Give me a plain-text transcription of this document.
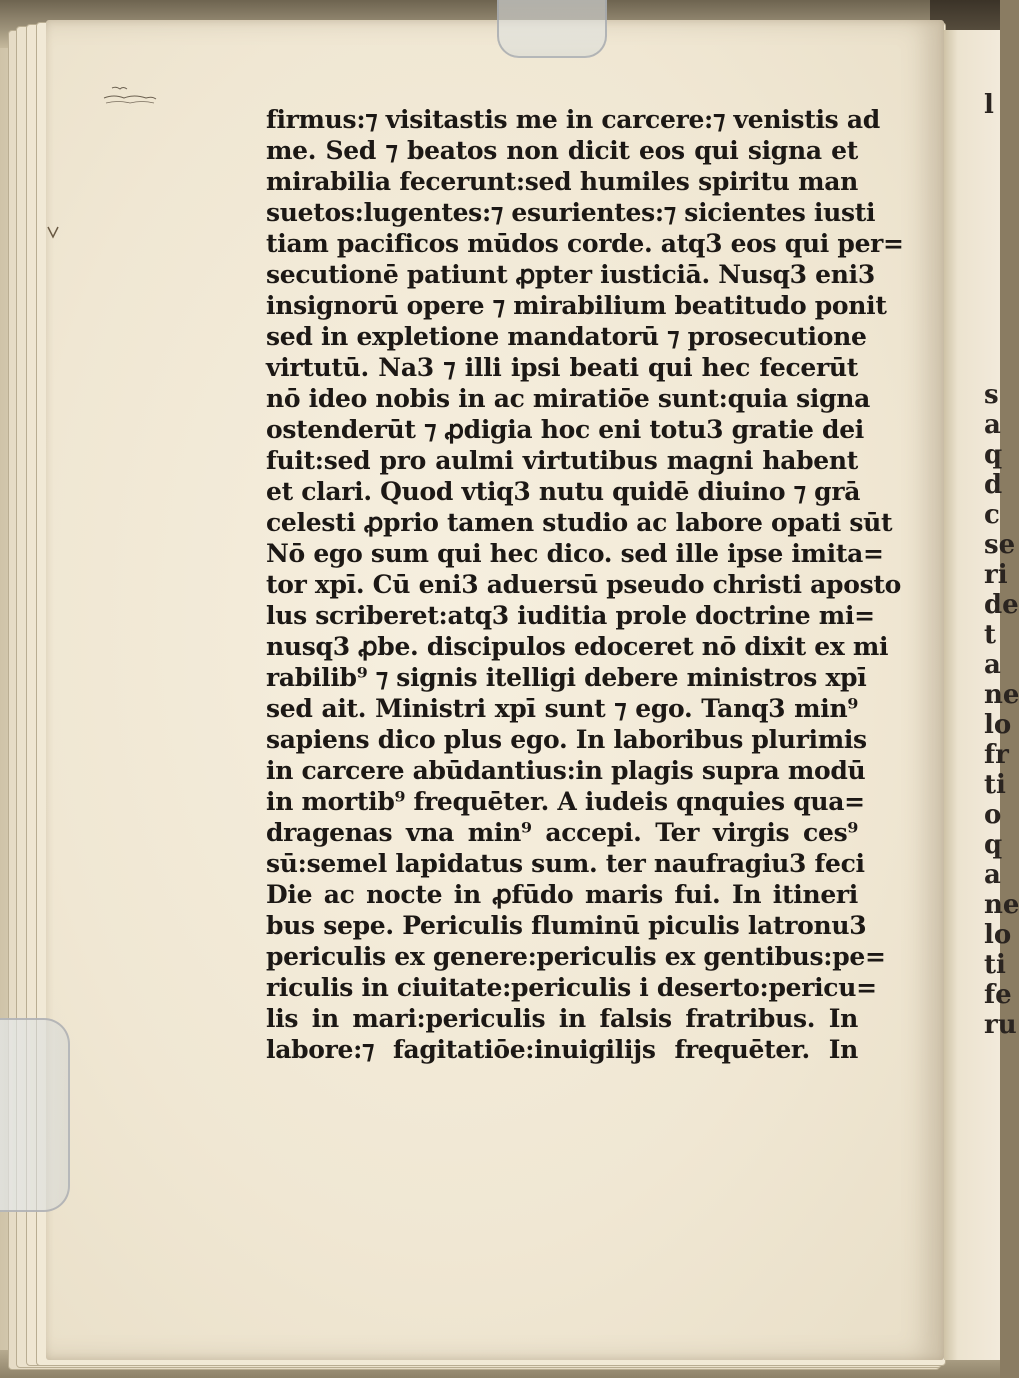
l
s
a
q
d
c
se
ri
de
t
a
ne
lo
fr
ti
o
q
a
ne
lo
ti
fe
ru
firmus:⁊ visitastis me in carcere:⁊ venistis ad
me. Sed ⁊ beatos non dicit eos qui signa et
mirabilia fecerunt:sed humiles spiritu man
suetos:lugentes:⁊ esurientes:⁊ sicientes iusti
tiam pacificos mūdos corde. atq3 eos qui per=
secutionē patiunt ꝓpter iusticiā. Nusq3 eni3
insignorū opere ⁊ mirabilium beatitudo ponit
sed in expletione mandatorū ⁊ prosecutione
virtutū. Na3 ⁊ illi ipsi beati qui hec fecerūt
nō ideo nobis in ac miratiōe sunt:quia signa
ostenderūt ⁊ ꝓdigia hoc eni totu3 gratie dei
fuit:sed pro aulmi virtutibus magni habent
et clari. Quod vtiq3 nutu quidē diuino ⁊ grā
celesti ꝓprio tamen studio ac labore opati sūt
Nō ego sum qui hec dico. sed ille ipse imita=
tor xpī. Cū eni3 aduersū pseudo christi aposto
lus scriberet:atq3 iuditia prole doctrine mi=
nusq3 ꝓbe. discipulos edoceret nō dixit ex mi
rabilib⁹ ⁊ signis itelligi debere ministros xpī
sed ait. Ministri xpī sunt ⁊ ego. Tanq3 min⁹
sapiens dico plus ego. In laboribus plurimis
in carcere abūdantius:in plagis supra modū
in mortib⁹ frequēter. A iudeis qnquies qua=
dragenas vna min⁹ accepi. Ter virgis ces⁹
sū:semel lapidatus sum. ter naufragiu3 feci
Die ac nocte in ꝓfūdo maris fui. In itineri
bus sepe. Periculis fluminū piculis latronu3
periculis ex genere:periculis ex gentibus:pe=
riculis in ciuitate:periculis i deserto:pericu=
lis in mari:periculis in falsis fratribus. In
labore:⁊ fagitatiōe:inuigilijs frequēter. In
